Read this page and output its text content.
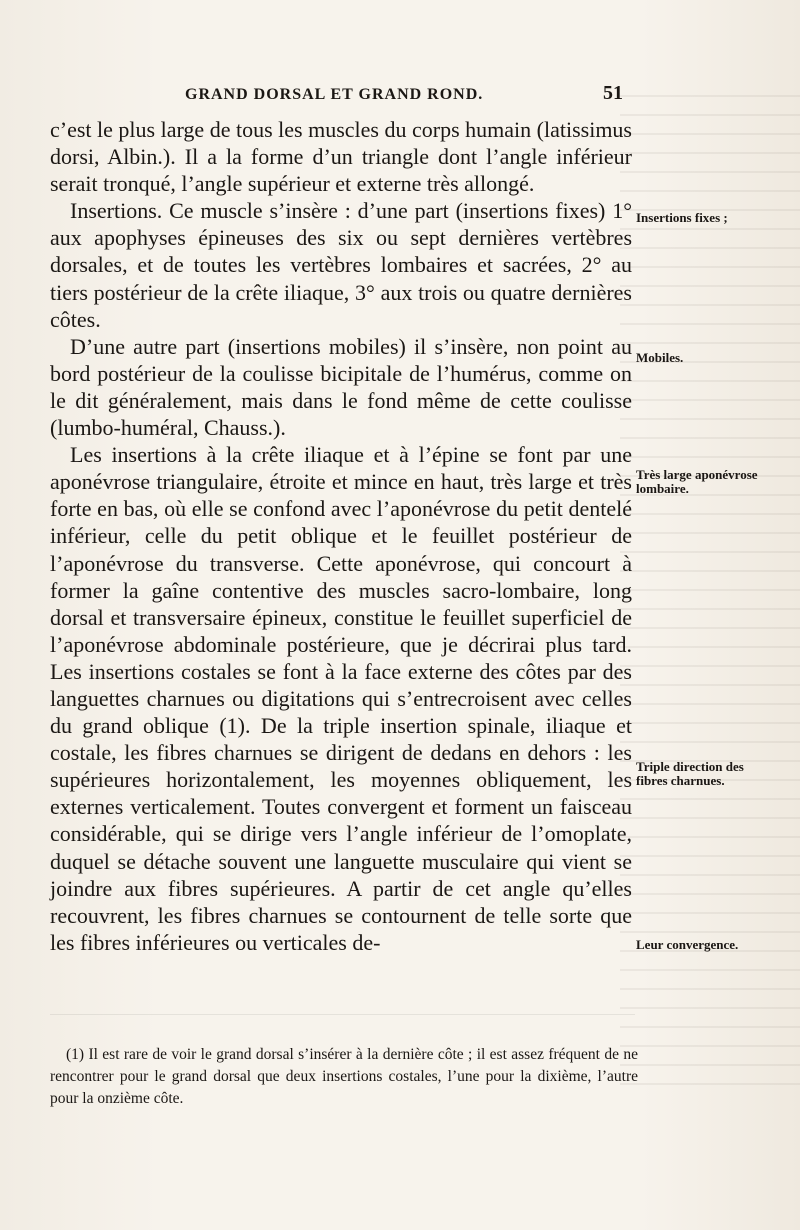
GRAND DORSAL ET GRAND ROND.	51

c’est le plus large de tous les muscles du corps humain (latissimus dorsi, Albin.). Il a la forme d’un triangle dont l’angle inférieur serait tronqué, l’angle supérieur et externe très allongé.

Insertions. Ce muscle s’insère : d’une part (insertions fixes) 1° aux apophyses épineuses des six ou sept dernières vertèbres dorsales, et de toutes les vertèbres lombaires et sacrées, 2° au tiers postérieur de la crête iliaque, 3° aux trois ou quatre dernières côtes.

D’une autre part (insertions mobiles) il s’insère, non point au bord postérieur de la coulisse bicipitale de l’humérus, comme on le dit généralement, mais dans le fond même de cette coulisse (lumbo-huméral, Chauss.).

Les insertions à la crête iliaque et à l’épine se font par une aponévrose triangulaire, étroite et mince en haut, très large et très forte en bas, où elle se confond avec l’aponévrose du petit dentelé inférieur, celle du petit oblique et le feuillet postérieur de l’aponévrose du transverse. Cette aponévrose, qui concourt à former la gaîne contentive des muscles sacro-lombaire, long dorsal et transversaire épineux, constitue le feuillet superficiel de l’aponévrose abdominale postérieure, que je décrirai plus tard. Les insertions costales se font à la face externe des côtes par des languettes charnues ou digitations qui s’entrecroisent avec celles du grand oblique (1). De la triple insertion spinale, iliaque et costale, les fibres charnues se dirigent de dedans en dehors : les supérieures horizontalement, les moyennes obliquement, les externes verticalement. Toutes convergent et forment un faisceau considérable, qui se dirige vers l’angle inférieur de l’omoplate, duquel se détache souvent une languette musculaire qui vient se joindre aux fibres supérieures. A partir de cet angle qu’elles recouvrent, les fibres charnues se contournent de telle sorte que les fibres inférieures ou verticales de-

Insertions fixes ;
Mobiles.
Très large aponévrose lombaire.
Triple direction des fibres charnues.
Leur convergence.

(1) Il est rare de voir le grand dorsal s’insérer à la dernière côte ; il est assez fréquent de ne rencontrer pour le grand dorsal que deux insertions costales, l’une pour la dixième, l’autre pour la onzième côte.
